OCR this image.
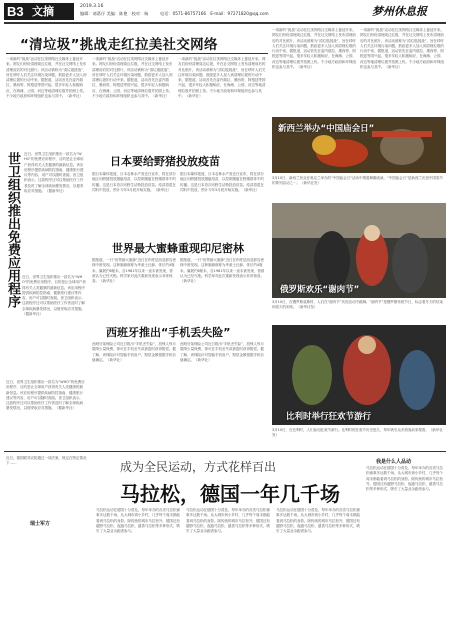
B3 文摘	2019.3.16
编辑：诸葛仔 美编：陈艳　校对：杨　　 电话：0571-86757166　E-mail：97271820@qq.com	梦州休息报
“清垃圾”挑战走红拉美社交网络
一项新的“挑战”活动在拉美网络社交媒体上蔓延开来。网友们纷纷清理周边垃圾，并在社交网络上发布清理前后的对比照片。该活动被称为“清垃圾挑战”，旨在呼吁人们关注环境污染问题，鼓励更多人加入到清理垃圾的行动中来。据报道，活动首先在委内瑞拉、墨西哥、阿根廷等国兴起，很多年轻人积极响应，在海滩、公园、河边等地清理垃圾并拍照上传。不少地方政府和环保组织也参与其中。（新华社）
一项新的“挑战”活动在拉美网络社交媒体上蔓延开来。网友们纷纷清理周边垃圾，并在社交网络上发布清理前后的对比照片。该活动被称为“清垃圾挑战”，旨在呼吁人们关注环境污染问题，鼓励更多人加入到清理垃圾的行动中来。据报道，活动首先在委内瑞拉、墨西哥、阿根廷等国兴起，很多年轻人积极响应，在海滩、公园、河边等地清理垃圾并拍照上传。不少地方政府和环保组织也参与其中。（新华社）
一项新的“挑战”活动在拉美网络社交媒体上蔓延开来。网友们纷纷清理周边垃圾，并在社交网络上发布清理前后的对比照片。该活动被称为“清垃圾挑战”，旨在呼吁人们关注环境污染问题，鼓励更多人加入到清理垃圾的行动中来。据报道，活动首先在委内瑞拉、墨西哥、阿根廷等国兴起，很多年轻人积极响应，在海滩、公园、河边等地清理垃圾并拍照上传。不少地方政府和环保组织也参与其中。（新华社）
世卫组织推出免费应用程序 近日，世界卫生组织推出一款名为“WHO”的免费应用程序，目的是让全球用户获得有关人类健康的最新信息。该应用程序提供疾病防控指南、健康旅行建议等内容，用户可以随时查阅。世卫组织表示，这款程序还可以帮助医疗工作者及时了解全球疾病暴发情况，以便采取应对措施。（据新华社）
近日，世界卫生组织推出一款名为“WHO”的免费应用程序，目的是让全球用户获得有关人类健康的最新信息。该应用程序提供疾病防控指南、健康旅行建议等内容，用户可以随时查阅。世卫组织表示，这款程序还可以帮助医疗工作者及时了解全球疾病暴发情况，以便采取应对措施。（据新华社）
近日，世界卫生组织推出一款名为“WHO”的免费应用程序，目的是让全球用户获得有关人类健康的最新信息。该应用程序提供疾病防控指南、健康旅行建议等内容，用户可以随时查阅。世卫组织表示，这款程序还可以帮助医疗工作者及时了解全球疾病暴发情况，以便采取应对措施。（据新华社）
日本要给野猪投放疫苗
据日本媒体报道，日本农林水产省近日宣布，将在部分地区向野猪投放猪瘟疫苗，以控制猪瘟在野猪群体中的传播。这是日本首次向野生动物投放疫苗。疫苗将混在饲料中投放，预计今年3月底开始实施。（新华社）
据日本媒体报道，日本农林水产省近日宣布，将在部分地区向野猪投放猪瘟疫苗，以控制猪瘟在野猪群体中的传播。这是日本首次向野生动物投放疫苗。疫苗将混在饲料中投放，预计今年3月底开始实施。（新华社）
世界最大蜜蜂重现印尼密林
据报道，一只“世界最大蜜蜂”近日在印度尼西亚群岛密林中被发现。这种蜜蜂被称为华莱士巨蜂，体长约4厘米，翼展约6厘米，自1981年以来一直未被发现，曾被认为已经灭绝。科学家对此次重新发现表示非常惊喜。（新华社）
据报道，一只“世界最大蜜蜂”近日在印度尼西亚群岛密林中被发现。这种蜜蜂被称为华莱士巨蜂，体长约4厘米，翼展约6厘米，自1981年以来一直未被发现，曾被认为已经灭绝。科学家对此次重新发现表示非常惊喜。（新华社）
西班牙推出“手机丢失险”
西班牙某保险公司近日推出“手机丢失险”，投保人每月缴纳少量保费，即可在手机丢失或被盗时获得赔偿。据了解，该保险针对智能手机用户，赔偿金额根据手机价值确定。（新华社）
西班牙某保险公司近日推出“手机丢失险”，投保人每月缴纳少量保费，即可在手机丢失或被盗时获得赔偿。据了解，该保险针对智能手机用户，赔偿金额根据手机价值确定。（新华社）
一项新的“挑战”活动在拉美网络社交媒体上蔓延开来。网友们纷纷清理周边垃圾，并在社交网络上发布清理前后的对比照片。该活动被称为“清垃圾挑战”，旨在呼吁人们关注环境污染问题，鼓励更多人加入到清理垃圾的行动中来。据报道，活动首先在委内瑞拉、墨西哥、阿根廷等国兴起，很多年轻人积极响应，在海滩、公园、河边等地清理垃圾并拍照上传。不少地方政府和环保组织也参与其中。（新华社）
一项新的“挑战”活动在拉美网络社交媒体上蔓延开来。网友们纷纷清理周边垃圾，并在社交网络上发布清理前后的对比照片。该活动被称为“清垃圾挑战”，旨在呼吁人们关注环境污染问题，鼓励更多人加入到清理垃圾的行动中来。据报道，活动首先在委内瑞拉、墨西哥、阿根廷等国兴起，很多年轻人积极响应，在海滩、公园、河边等地清理垃圾并拍照上传。不少地方政府和环保组织也参与其中。（新华社）
新西兰举办“中国庙会日”
3月10日，新西兰民众在奥克兰举办的“中国庙会日”活动中观看舞狮表演。“中国庙会日”是新西兰庆祝中国春节的系列活动之一。（新华社发）
俄罗斯欢乐“谢肉节”
3月10日，在俄罗斯莫斯科，人们在“谢肉节”庆祝活动中跳舞。“谢肉节”是俄罗斯传统节日，标志着冬天的结束和春天的到来。（新华社发）
比利时举行狂欢节游行
3月10日，在比利时，人们参加狂欢节游行。比利时的狂欢节历史悠久，每年吸引众多游客前来观看。（新华社发）
近日，德国联邦议院通过一项法案，规定在特定情况下……
瑞士军方
成为全民运动，方式花样百出
马拉松，德国一年几千场
马拉松运动在德国十分普及，每年举办的各类马拉松赛事多达数千场。从大城市到小乡村，几乎每个周末都能看到马拉松的身影。除传统的城市马拉松外，德国还有越野马拉松、夜跑马拉松、慈善马拉松等多种形式，吸引了大量业余跑者参与。
马拉松运动在德国十分普及，每年举办的各类马拉松赛事多达数千场。从大城市到小乡村，几乎每个周末都能看到马拉松的身影。除传统的城市马拉松外，德国还有越野马拉松、夜跑马拉松、慈善马拉松等多种形式，吸引了大量业余跑者参与。
马拉松运动在德国十分普及，每年举办的各类马拉松赛事多达数千场。从大城市到小乡村，几乎每个周末都能看到马拉松的身影。除传统的城市马拉松外，德国还有越野马拉松、夜跑马拉松、慈善马拉松等多种形式，吸引了大量业余跑者参与。
我是什么人品动
马拉松运动在德国十分普及，每年举办的各类马拉松赛事多达数千场。从大城市到小乡村，几乎每个周末都能看到马拉松的身影。除传统的城市马拉松外，德国还有越野马拉松、夜跑马拉松、慈善马拉松等多种形式，吸引了大量业余跑者参与。
